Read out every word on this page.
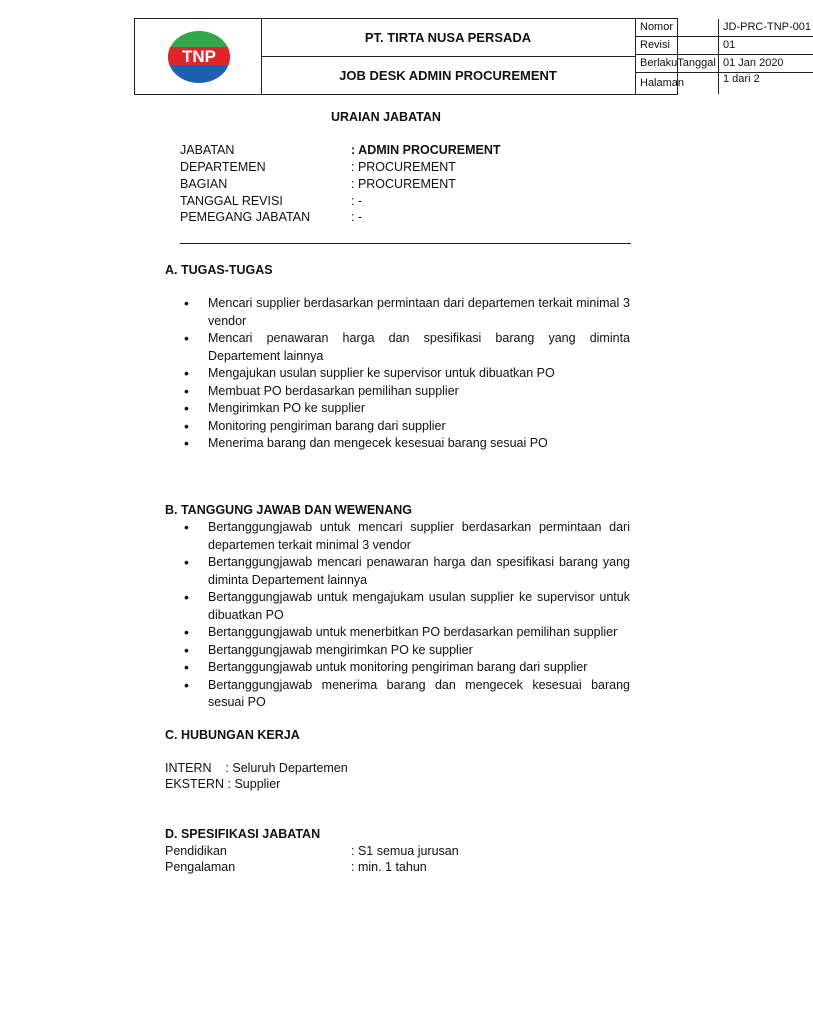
TNP
PT. TIRTA NUSA PERSADA
JOB DESK ADMIN PROCUREMENT
Nomor	JD-PRC-TNP-001
Revisi	01
BerlakuTanggal 01 Jan 2020
Halaman	1 dari 2
URAIAN JABATAN
JABATAN	: ADMIN PROCUREMENT
DEPARTEMEN	: PROCUREMENT
BAGIAN	: PROCUREMENT
TANGGAL REVISI	: -
PEMEGANG JABATAN	: -
A. TUGAS-TUGAS
• Mencari supplier berdasarkan permintaan dari departemen terkait minimal 3 vendor
• Mencari penawaran harga dan spesifikasi barang yang diminta Departement lainnya
• Mengajukan usulan supplier ke supervisor untuk dibuatkan PO
• Membuat PO berdasarkan pemilihan supplier
• Mengirimkan PO ke supplier
• Monitoring pengiriman barang dari supplier
• Menerima barang dan mengecek kesesuai barang sesuai PO
B. TANGGUNG JAWAB DAN WEWENANG
• Bertanggungjawab untuk mencari supplier berdasarkan permintaan dari departemen terkait minimal 3 vendor
• Bertanggungjawab mencari penawaran harga dan spesifikasi barang yang diminta Departement lainnya
• Bertanggungjawab untuk mengajukam usulan supplier ke supervisor untuk dibuatkan PO
• Bertanggungjawab untuk menerbitkan PO berdasarkan pemilihan supplier
• Bertanggungjawab mengirimkan PO ke supplier
• Bertanggungjawab untuk monitoring pengiriman barang dari supplier
• Bertanggungjawab menerima barang dan mengecek kesesuai barang sesuai PO
C. HUBUNGAN KERJA
INTERN    : Seluruh Departemen
EKSTERN : Supplier
D. SPESIFIKASI JABATAN
Pendidikan	: S1 semua jurusan
Pengalaman	: min. 1 tahun
